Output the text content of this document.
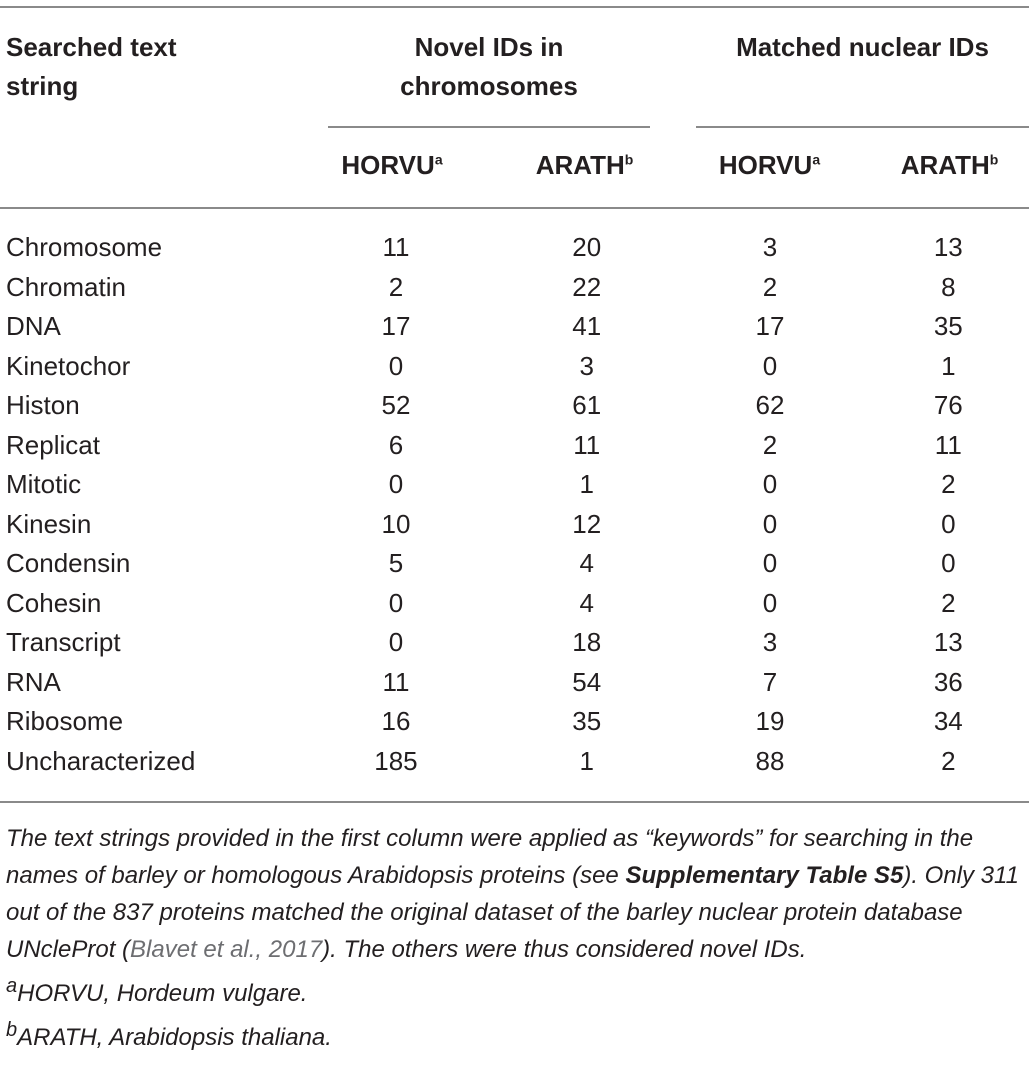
Searched text
string
Novel IDs in
chromosomes
Matched nuclear IDs
HORVU$^a$	ARATH$^b$	HORVU$^a$	ARATH$^b$
Chromosome	11	20	3	13
Chromatin	2	22	2	8
DNA	17	41	17	35
Kinetochor	0	3	0	1
Histon	52	61	62	76
Replicat	6	11	2	11
Mitotic	0	1	0	2
Kinesin	10	12	0	0
Condensin	5	4	0	0
Cohesin	0	4	0	2
Transcript	0	18	3	13
RNA	11	54	7	36
Ribosome	16	35	19	34
Uncharacterized	185	1	88	2

The text strings provided in the first column were applied as “keywords” for searching in the names of barley or homologous Arabidopsis proteins (see Supplementary Table S5). Only 311 out of the 837 proteins matched the original dataset of the barley nuclear protein database UNcleProt (Blavet et al., 2017). The others were thus considered novel IDs.

$^a$HORVU, Hordeum vulgare.

$^b$ARATH, Arabidopsis thaliana.
